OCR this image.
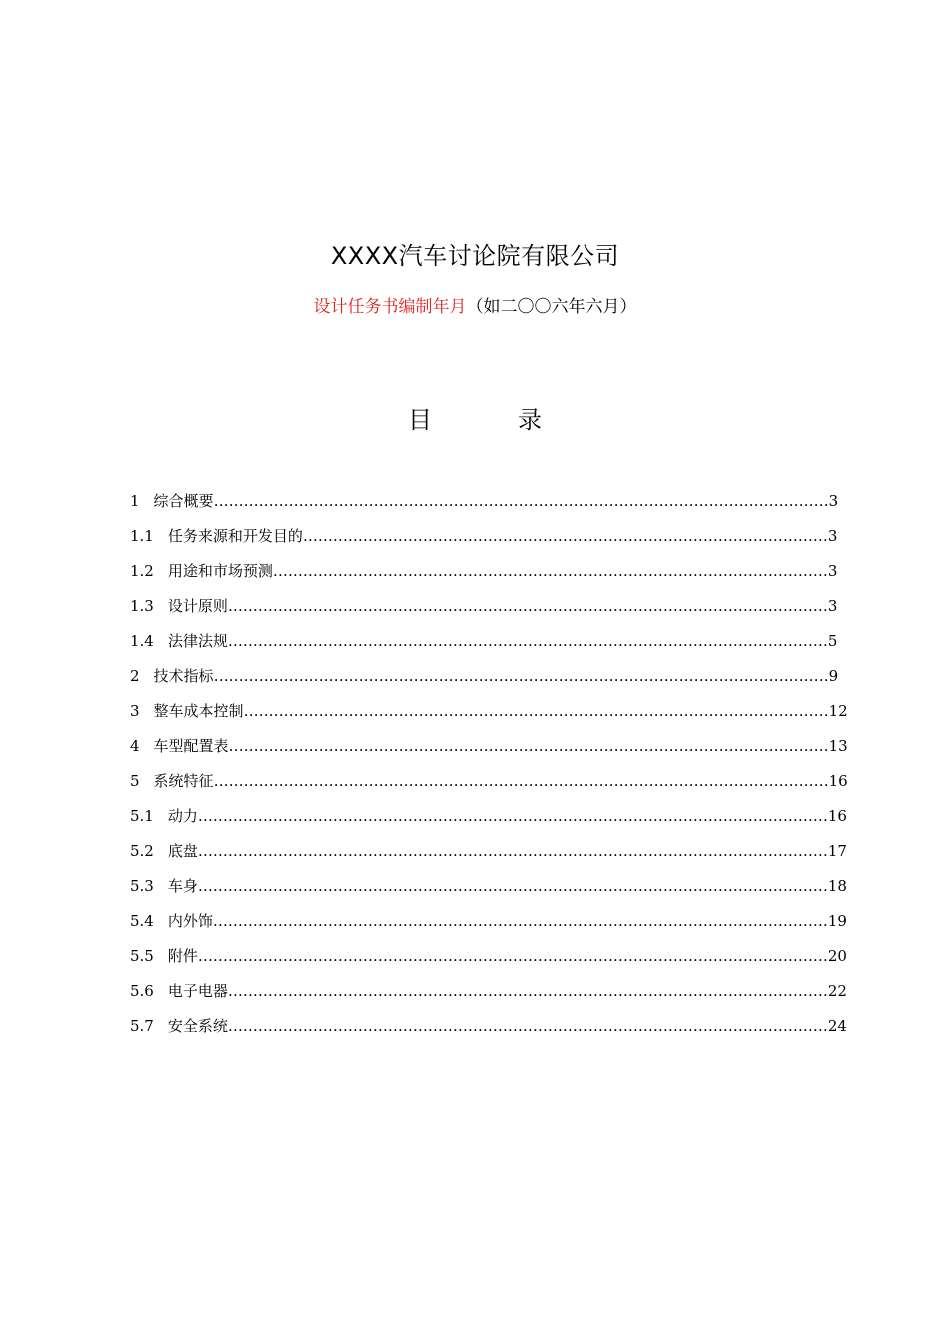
XXXX汽车讨论院有限公司
设计任务书编制年月（如二〇〇六年六月）
目	录
1 综合概要……………………………………………………………………………………………………………3
1.1 任务来源和开发目的……………………………………………………………………………………………3
1.2 用途和市场预测…………………………………………………………………………………………………3
1.3 设计原则…………………………………………………………………………………………………………3
1.4 法律法规…………………………………………………………………………………………………………5
2 技术指标……………………………………………………………………………………………………………9
3 整车成本控制………………………………………………………………………………………………………12
4 车型配置表…………………………………………………………………………………………………………13
5 系统特征……………………………………………………………………………………………………………16
5.1 动力………………………………………………………………………………………………………………16
5.2 底盘………………………………………………………………………………………………………………17
5.3 车身………………………………………………………………………………………………………………18
5.4 内外饰……………………………………………………………………………………………………………19
5.5 附件………………………………………………………………………………………………………………20
5.6 电子电器…………………………………………………………………………………………………………22
5.7 安全系统…………………………………………………………………………………………………………24
